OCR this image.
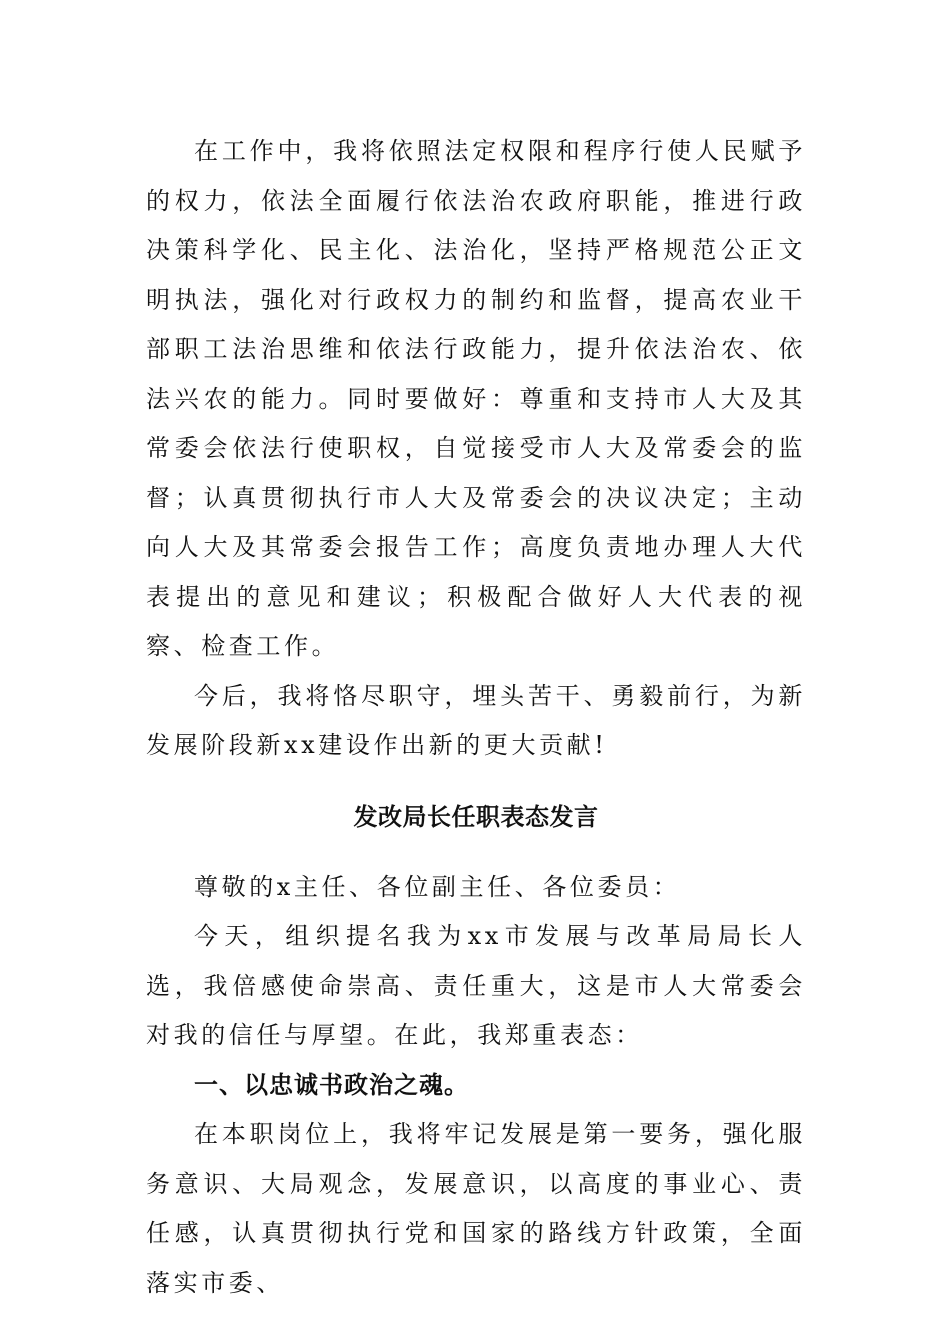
在工作中，我将依照法定权限和程序行使人民赋予的权力，依法全面履行依法治农政府职能，推进行政决策科学化、民主化、法治化，坚持严格规范公正文明执法，强化对行政权力的制约和监督，提高农业干部职工法治思维和依法行政能力，提升依法治农、依法兴农的能力。同时要做好：尊重和支持市人大及其常委会依法行使职权，自觉接受市人大及常委会的监督；认真贯彻执行市人大及常委会的决议决定；主动向人大及其常委会报告工作；高度负责地办理人大代表提出的意见和建议；积极配合做好人大代表的视察、检查工作。

今后，我将恪尽职守，埋头苦干、勇毅前行，为新发展阶段新xx建设作出新的更大贡献!

发改局长任职表态发言

尊敬的x主任、各位副主任、各位委员：

今天，组织提名我为xx市发展与改革局局长人选，我倍感使命崇高、责任重大，这是市人大常委会对我的信任与厚望。在此，我郑重表态：

一、以忠诚书政治之魂。

在本职岗位上，我将牢记发展是第一要务，强化服务意识、大局观念，发展意识，以高度的事业心、责任感，认真贯彻执行党和国家的路线方针政策，全面落实市委、
